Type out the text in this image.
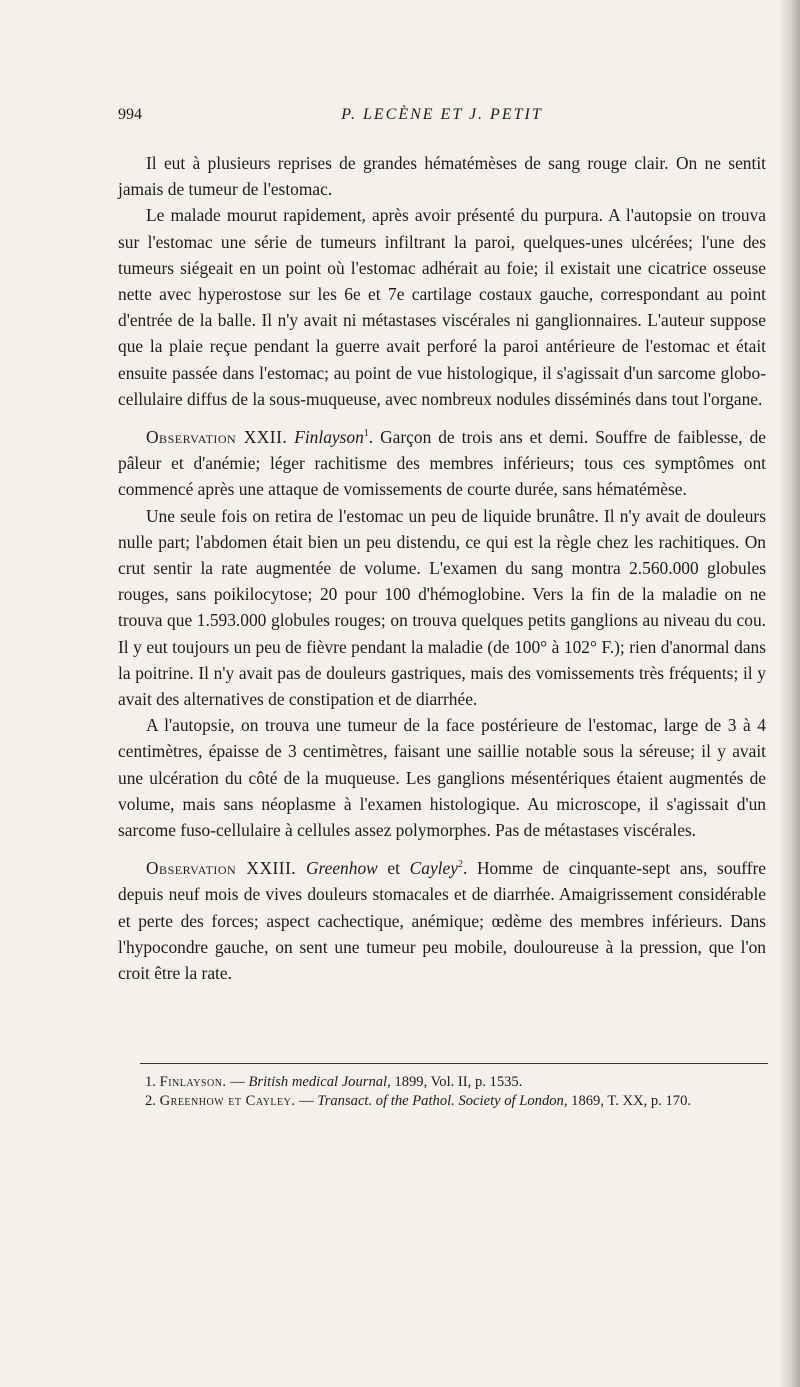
994	P. LECÈNE ET J. PETIT

Il eut à plusieurs reprises de grandes hématémèses de sang rouge clair. On ne sentit jamais de tumeur de l'estomac.

Le malade mourut rapidement, après avoir présenté du purpura. A l'autopsie on trouva sur l'estomac une série de tumeurs infiltrant la paroi, quelques-unes ulcérées; l'une des tumeurs siégeait en un point où l'estomac adhérait au foie; il existait une cicatrice osseuse nette avec hyperostose sur les 6e et 7e cartilage costaux gauche, correspondant au point d'entrée de la balle. Il n'y avait ni métastases viscérales ni ganglionnaires. L'auteur suppose que la plaie reçue pendant la guerre avait perforé la paroi antérieure de l'estomac et était ensuite passée dans l'estomac; au point de vue histologique, il s'agissait d'un sarcome globo-cellulaire diffus de la sous-muqueuse, avec nombreux nodules disséminés dans tout l'organe.

Observation XXII. Finlayson$^1$. Garçon de trois ans et demi. Souffre de faiblesse, de pâleur et d'anémie; léger rachitisme des membres inférieurs; tous ces symptômes ont commencé après une attaque de vomissements de courte durée, sans hématémèse.

Une seule fois on retira de l'estomac un peu de liquide brunâtre. Il n'y avait de douleurs nulle part; l'abdomen était bien un peu distendu, ce qui est la règle chez les rachitiques. On crut sentir la rate augmentée de volume. L'examen du sang montra 2.560.000 globules rouges, sans poikilocytose; 20 pour 100 d'hémoglobine. Vers la fin de la maladie on ne trouva que 1.593.000 globules rouges; on trouva quelques petits ganglions au niveau du cou. Il y eut toujours un peu de fièvre pendant la maladie (de 100° à 102° F.); rien d'anormal dans la poitrine. Il n'y avait pas de douleurs gastriques, mais des vomissements très fréquents; il y avait des alternatives de constipation et de diarrhée.

A l'autopsie, on trouva une tumeur de la face postérieure de l'estomac, large de 3 à 4 centimètres, épaisse de 3 centimètres, faisant une saillie notable sous la séreuse; il y avait une ulcération du côté de la muqueuse. Les ganglions mésentériques étaient augmentés de volume, mais sans néoplasme à l'examen histologique. Au microscope, il s'agissait d'un sarcome fuso-cellulaire à cellules assez polymorphes. Pas de métastases viscérales.

Observation XXIII. Greenhow et Cayley$^2$. Homme de cinquante-sept ans, souffre depuis neuf mois de vives douleurs stomacales et de diarrhée. Amaigrissement considérable et perte des forces; aspect cachectique, anémique; œdème des membres inférieurs. Dans l'hypocondre gauche, on sent une tumeur peu mobile, douloureuse à la pression, que l'on croit être la rate.

1. Finlayson. — British medical Journal, 1899, Vol. II, p. 1535.

2. Greenhow et Cayley. — Transact. of the Pathol. Society of London, 1869, T. XX, p. 170.
